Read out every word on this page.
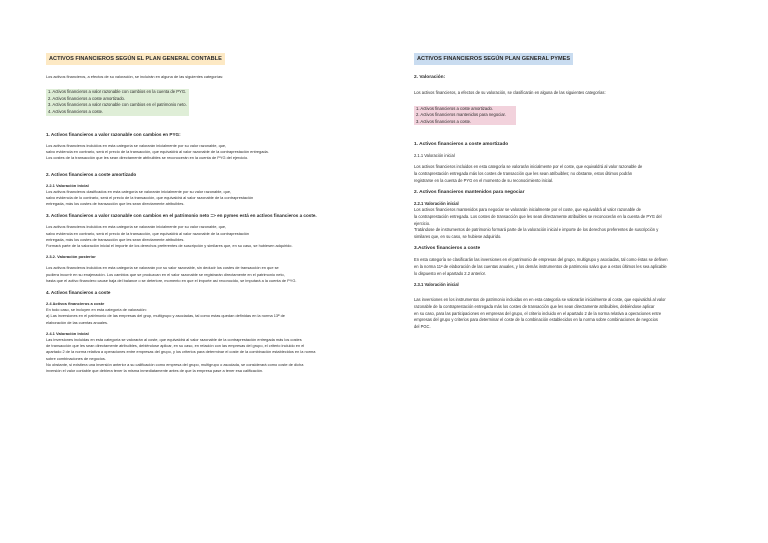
ACTIVOS FINANCIEROS SEGÚN EL PLAN GENERAL CONTABLE

Los activos financieros, a efectos de su valoración, se incluirán en alguna de las siguientes categorías:

1. Activos financieros a valor razonable con cambios en la cuenta de PYG.
2. Activos financieros a coste amortizado.
3. Activos financieros a valor razonable con cambios en el patrimonio neto.
4. Activos financieros a coste.
1. Activos financieros a valor razonable con cambios en PYG:
Los activos financieros incluidos en esta categoría se valorarán inicialmente por su valor razonable, que,
salvo evidencia en contrario, será el precio de la transacción, que equivaldrá al valor razonable de la contraprestación entregada.
Los costes de la transacción que les sean directamente atribuibles se reconocerán en la cuenta de PYG del ejercicio.
2. Activos financieros a coste amortizado
2.2.1 Valoración inicial
Los activos financieros clasificados en esta categoría se valorarán inicialmente por su valor razonable, que,
salvo evidencia de lo contrario, será el precio de la transacción, que equivaldrá al valor razonable de la contraprestación
entregada, más los costes de transacción que les sean directamente atribuibles.
3. Activos financieros a valor razonable con cambios en el patrimonio neto => en pymes está en activos financieros a coste.
Los activos financieros incluidos en esta categoría se valorarán inicialmente por su valor razonable, que,
salvo evidencia en contrario, será el precio de la transacción, que equivaldrá al valor razonable de la contraprestación
entregada, más los costes de transacción que les sean directamente atribuibles.
Formará parte de la valoración inicial el importe de los derechos preferentes de suscripción y similares que, en su caso, se hubiesen adquirido.
2.3.2. Valoración posterior
Los activos financieros incluidos en esta categoría se valorarán por su valor razonable, sin deducir los costes de transacción en que se
pudiera incurrir en su enajenación. Los cambios que se produzcan en el valor razonable se registrarán directamente en el patrimonio neto,
hasta que el activo financiero cause baja del balance o se deteriore, momento en que el importe así reconocido, se imputará a la cuenta de PYG.
4. Activos financieros a coste
2.4 Activos financieros a coste
En todo caso, se incluyen en esta categoría de valoración:
a) Las inversiones en el patrimonio de las empresas del grup, multigrupo y asociadas, tal como estas quedan definidas en la norma 13ª de
elaboración de las cuentas anuales.
2.4.1 Valoración inicial
Las inversiones incluidas en esta categoría se valorarán al coste, que equivaldrá al valor razonable de la contraprestación entregada más los costes
de transacción que les sean directamente atribuibles, debiéndose aplicar, en su caso, en relación con las empresas del grupo, el criterio incluido en el
apartado 2 de la norma relativa a operaciones entre empresas del grupo, y los criterios para determinar el coste de la combinación establecidos en la norma
sobre combinaciones de negocios.
No obstante, si existiera una inversión anterior a su calificación como empresa del grupo, multigrupo o asociada, se considerará como coste de dicha
inversión el valor contable que debiera tener la misma inmediatamente antes de que la empresa pase a tener esa calificación.
ACTIVOS FINANCIEROS SEGÚN PLAN GENERAL PYMES
2. Valoración:

Los activos financieros, a efectos de su valoración, se clasificarán en alguna de las siguientes categorías:

1. Activos financieros a coste amortizado.
2. Activos financieros mantenidos para negociar.
3. Activos financieros a coste.
1. Activos financieros a coste amortizado
2.1.1 Valoración inicial
Los activos financieros incluidos en esta categoría se valorarán inicialmente por el coste, que equivaldrá al valor razonable de
la contraprestación entregada más los costes de transacción que les sean atribuibles; no obstante, estos últimos podrán
registrarse en la cuenta de PYG en el momento de su reconocimiento inicial.
2. Activos financieros mantenidos para negociar
2.2.1 Valoración inicial
Los activos financieros mantenidos para negociar se valorarán inicialmente por el coste, que equivaldrá al valor razonable de
la contraprestación entregada. Los costes de transacción que les sean directamente atribuibles se reconocerán en la cuenta de PYG del
ejercicio.
Tratándose de instrumentos de patrimonio formará parte de la valoración inicial e importe de los derechos preferentes de suscripción y
similares que, en su caso, se hubiese adquirido.
3.Activos financieros a coste
En esta categoría se clasificarán las inversiones en el patrimonio de empresas del grupo, multigrupo y asociadas, tal como éstas se definen
en la norma 11ª de elaboración de las cuentas anuales, y los demás instrumentos de patrimonio salvo que a estos últimos les sea aplicable
lo dispuesto en el apartado 2.2 anterior.
2.3.1 Valoración inicial
Las inversiones en los instrumentos de patrimonio incluidas en en esta categoría se valorarán inicialmente al coste, que equivaldrá al valor
razonable de la contraprestación entregada más los costes de transacción que les sean directamente atribuibles, debiéndose aplicar
en su caso, para las participaciones en empresas del grupo, el criterio incluido en el apartado 2 de la norma relativa a operaciones entre
empresas del grupo y criterios para determinar el coste de la combinación establecidos en la norma sobre combinaciones de negocios
del PGC.
